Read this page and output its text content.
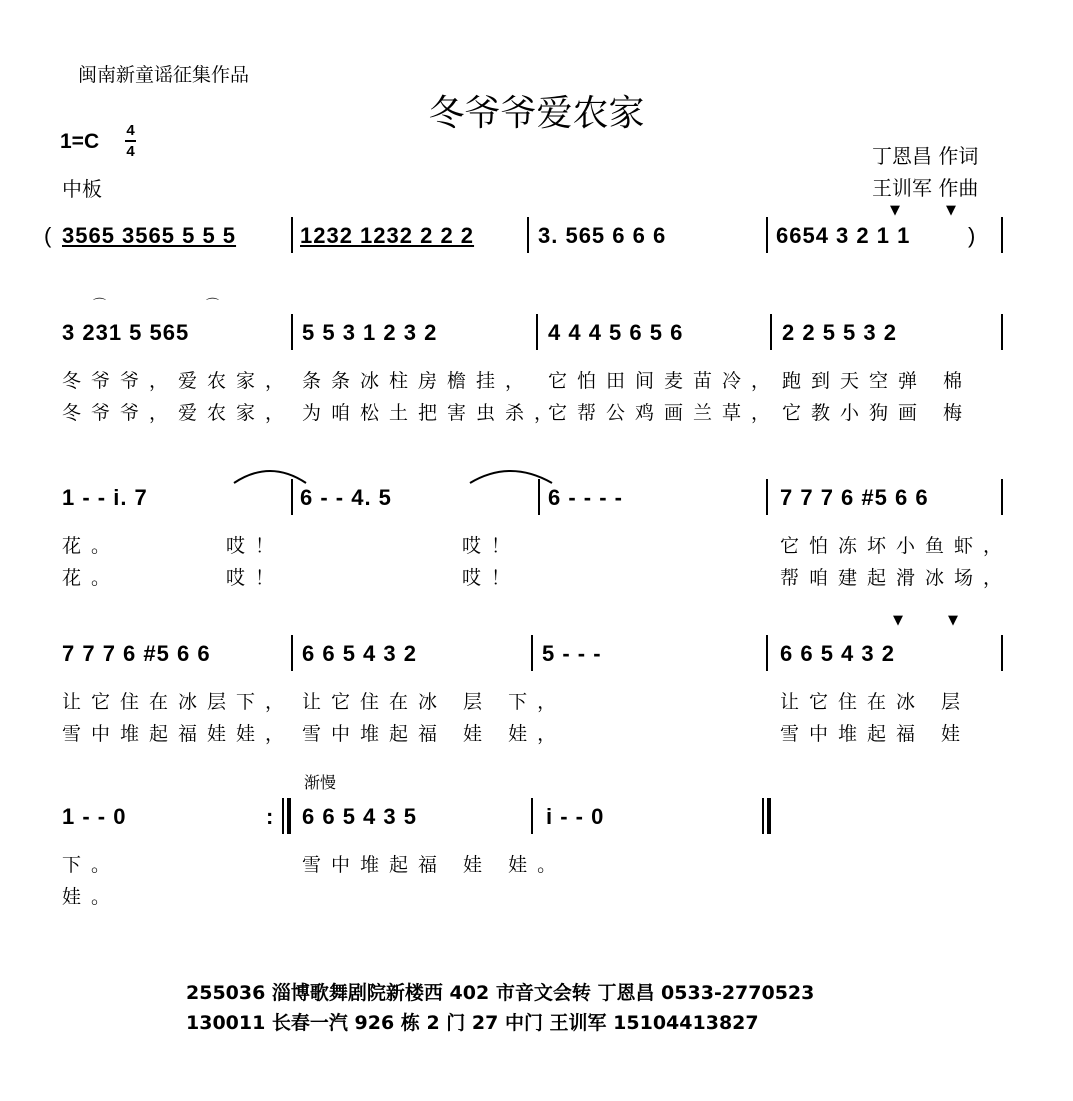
闽南新童谣征集作品
冬爷爷爱农家
1=C 4
4
中板
丁恩昌 作词
王训军 作曲
( 3565 3565 5 5 5	1232 1232 2 2 2	3. 565 6 6 6	6654 3 2 1 1
▼	▼
)
⌒	⌒
3 231 5 565	5 5 3 1 2 3 2	4 4 4 5 6 5 6	2 2 5 5 3 2
冬爷爷，爱农家， 条条冰柱房檐挂， 它怕田间麦苗冷， 跑到天空弹 棉
冬爷爷，爱农家， 为咱松土把害虫杀，
它帮公鸡画兰草， 它教小狗画 梅
1 - - i. 7	6 - - 4. 5	6 - - - -	7 7 7 6 #5 6 6
花。	哎！	哎！	它怕冻坏小鱼虾，
花。	哎！	哎！	帮咱建起滑冰场，
▼	▼
7 7 7 6 #5 6 6	6 6 5 4 3 2	5 - - -	6 6 5 4 3 2
让它住在冰层下， 让它住在冰 层 下，	让它住在冰 层
雪中堆起福娃娃， 雪中堆起福 娃 娃，	雪中堆起福 娃
渐慢
1 - - 0	: 6 6 5 4 3 5	i - - 0
下。	雪中堆起福 娃 娃。
娃。
255036 淄博歌舞剧院新楼西 402 市音文会转 丁恩昌 0533-2770523
130011 长春一汽 926 栋 2 门 27 中门 王训军 15104413827
